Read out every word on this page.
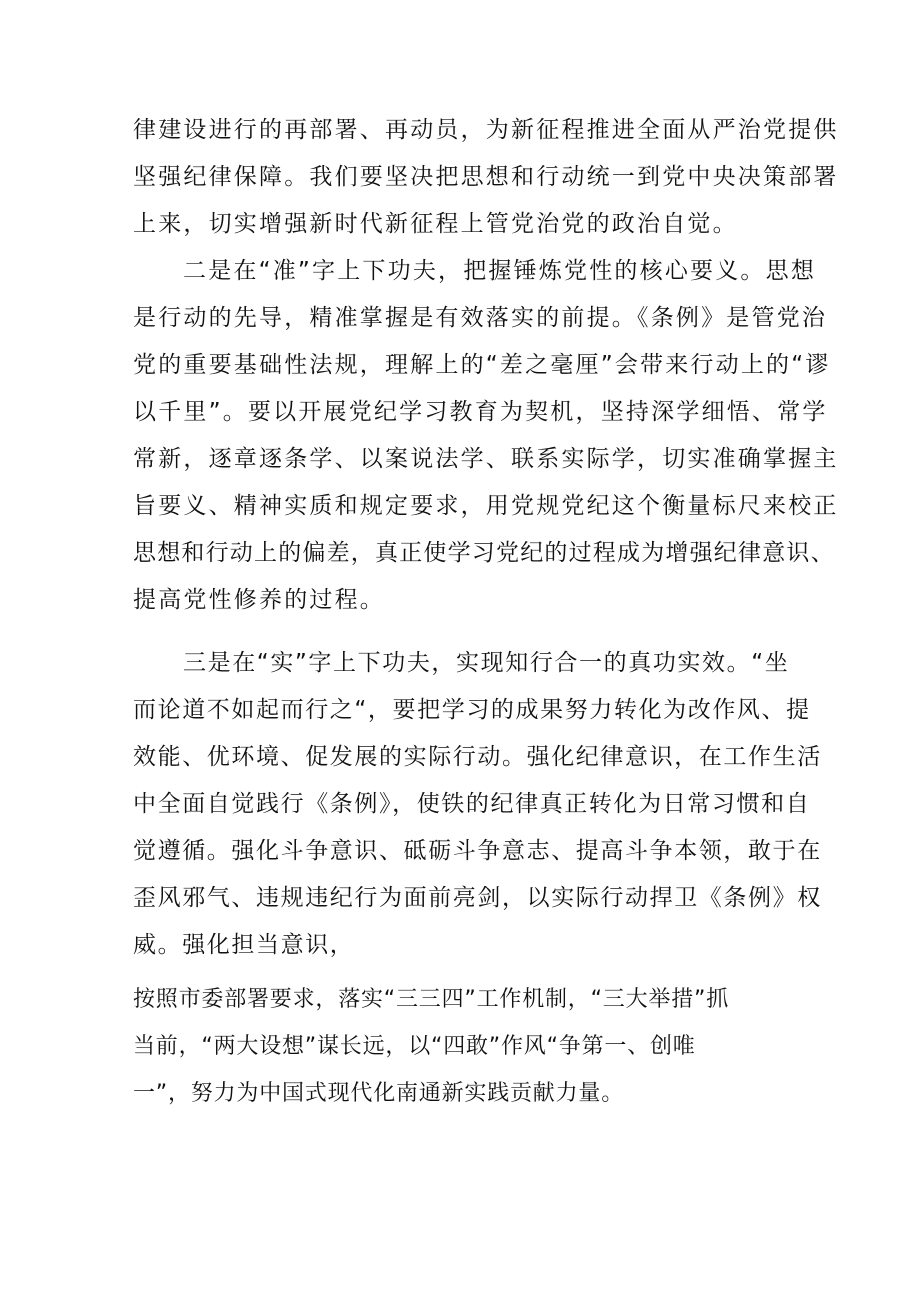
律建设进行的再部署、再动员，为新征程推进全面从严治党提供
坚强纪律保障。我们要坚决把思想和行动统一到党中央决策部署
上来，切实增强新时代新征程上管党治党的政治自觉。
二是在“准”字上下功夫，把握锤炼党性的核心要义。思想
是行动的先导，精准掌握是有效落实的前提。《条例》是管党治
党的重要基础性法规，理解上的“差之毫厘”会带来行动上的“谬
以千里”。要以开展党纪学习教育为契机，坚持深学细悟、常学
常新，逐章逐条学、以案说法学、联系实际学，切实准确掌握主
旨要义、精神实质和规定要求，用党规党纪这个衡量标尺来校正
思想和行动上的偏差，真正使学习党纪的过程成为增强纪律意识、
提高党性修养的过程。
三是在“实”字上下功夫，实现知行合一的真功实效。“坐
而论道不如起而行之“，要把学习的成果努力转化为改作风、提
效能、优环境、促发展的实际行动。强化纪律意识，在工作生活
中全面自觉践行《条例》，使铁的纪律真正转化为日常习惯和自
觉遵循。强化斗争意识、砥砺斗争意志、提高斗争本领，敢于在
歪风邪气、违规违纪行为面前亮剑，以实际行动捍卫《条例》权
威。强化担当意识，
按照市委部署要求，落实“三三四”工作机制，“三大举措”抓
当前，“两大设想”谋长远，以“四敢”作风“争第一、创唯
一”，努力为中国式现代化南通新实践贡献力量。
